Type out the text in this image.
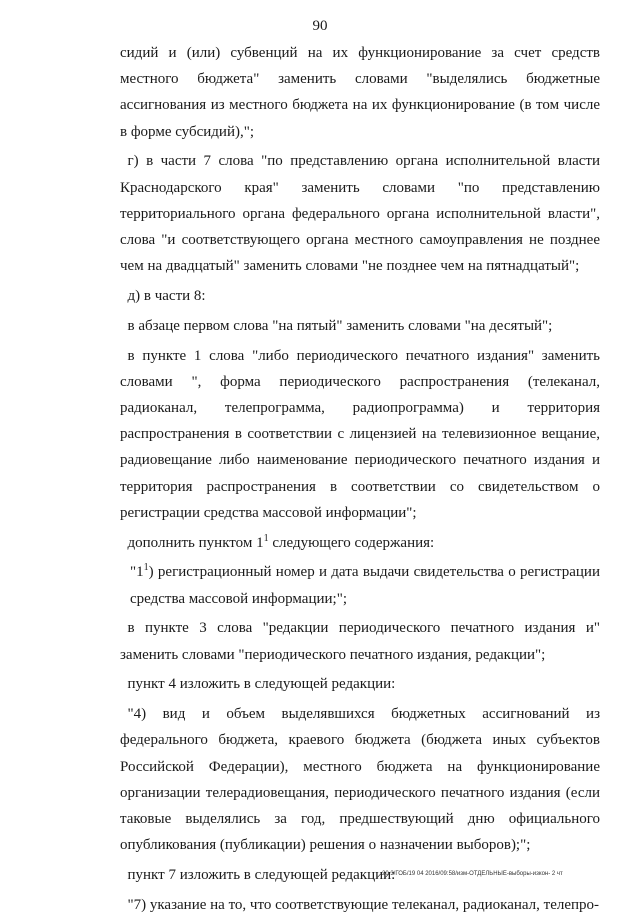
90

сидий и (или) субвенций на их функционирование за счет средств местного бюджета" заменить словами "выделялись бюджетные ассигнования из местного бюджета на их функционирование (в том числе в форме субсидий),";

г) в части 7 слова "по представлению органа исполнительной власти Краснодарского края" заменить словами "по представлению территориального органа федерального органа исполнительной власти", слова "и соответствующего органа местного самоуправления не позднее чем на двадцатый" заменить словами "не позднее чем на пятнадцатый";

д) в части 8:

в абзаце первом слова "на пятый" заменить словами "на десятый";

в пункте 1 слова "либо периодического печатного издания" заменить словами ", форма периодического распространения (телеканал, радиоканал, телепрограмма, радиопрограмма) и территория распространения в соответствии с лицензией на телевизионное вещание, радиовещание либо наименование периодического печатного издания и территория распространения в соответствии со свидетельством о регистрации средства массовой информации";

дополнить пунктом $1^1$ следующего содержания:

"$1^1$) регистрационный номер и дата выдачи свидетельства о регистрации средства массовой информации;";

в пункте 3 слова "редакции периодического печатного издания и" заменить словами "периодического печатного издания, редакции";

пункт 4 изложить в следующей редакции:

"4) вид и объем выделявшихся бюджетных ассигнований из федерального бюджета, краевого бюджета (бюджета иных субъектов Российской Федерации), местного бюджета на функционирование организации телерадиовещания, периодического печатного издания (если таковые выделялись за год, предшествующий дню официального опубликования (публикации) решения о назначении выборов);";

пункт 7 изложить в следующей редакции:

"7) указание на то, что соответствующие телеканал, радиоканал, телепро-

20.3/ГОБ/19 04 2016/09:58/изм-ОТДЕЛЬНЫЕ-выборы-изкон- 2 чт
